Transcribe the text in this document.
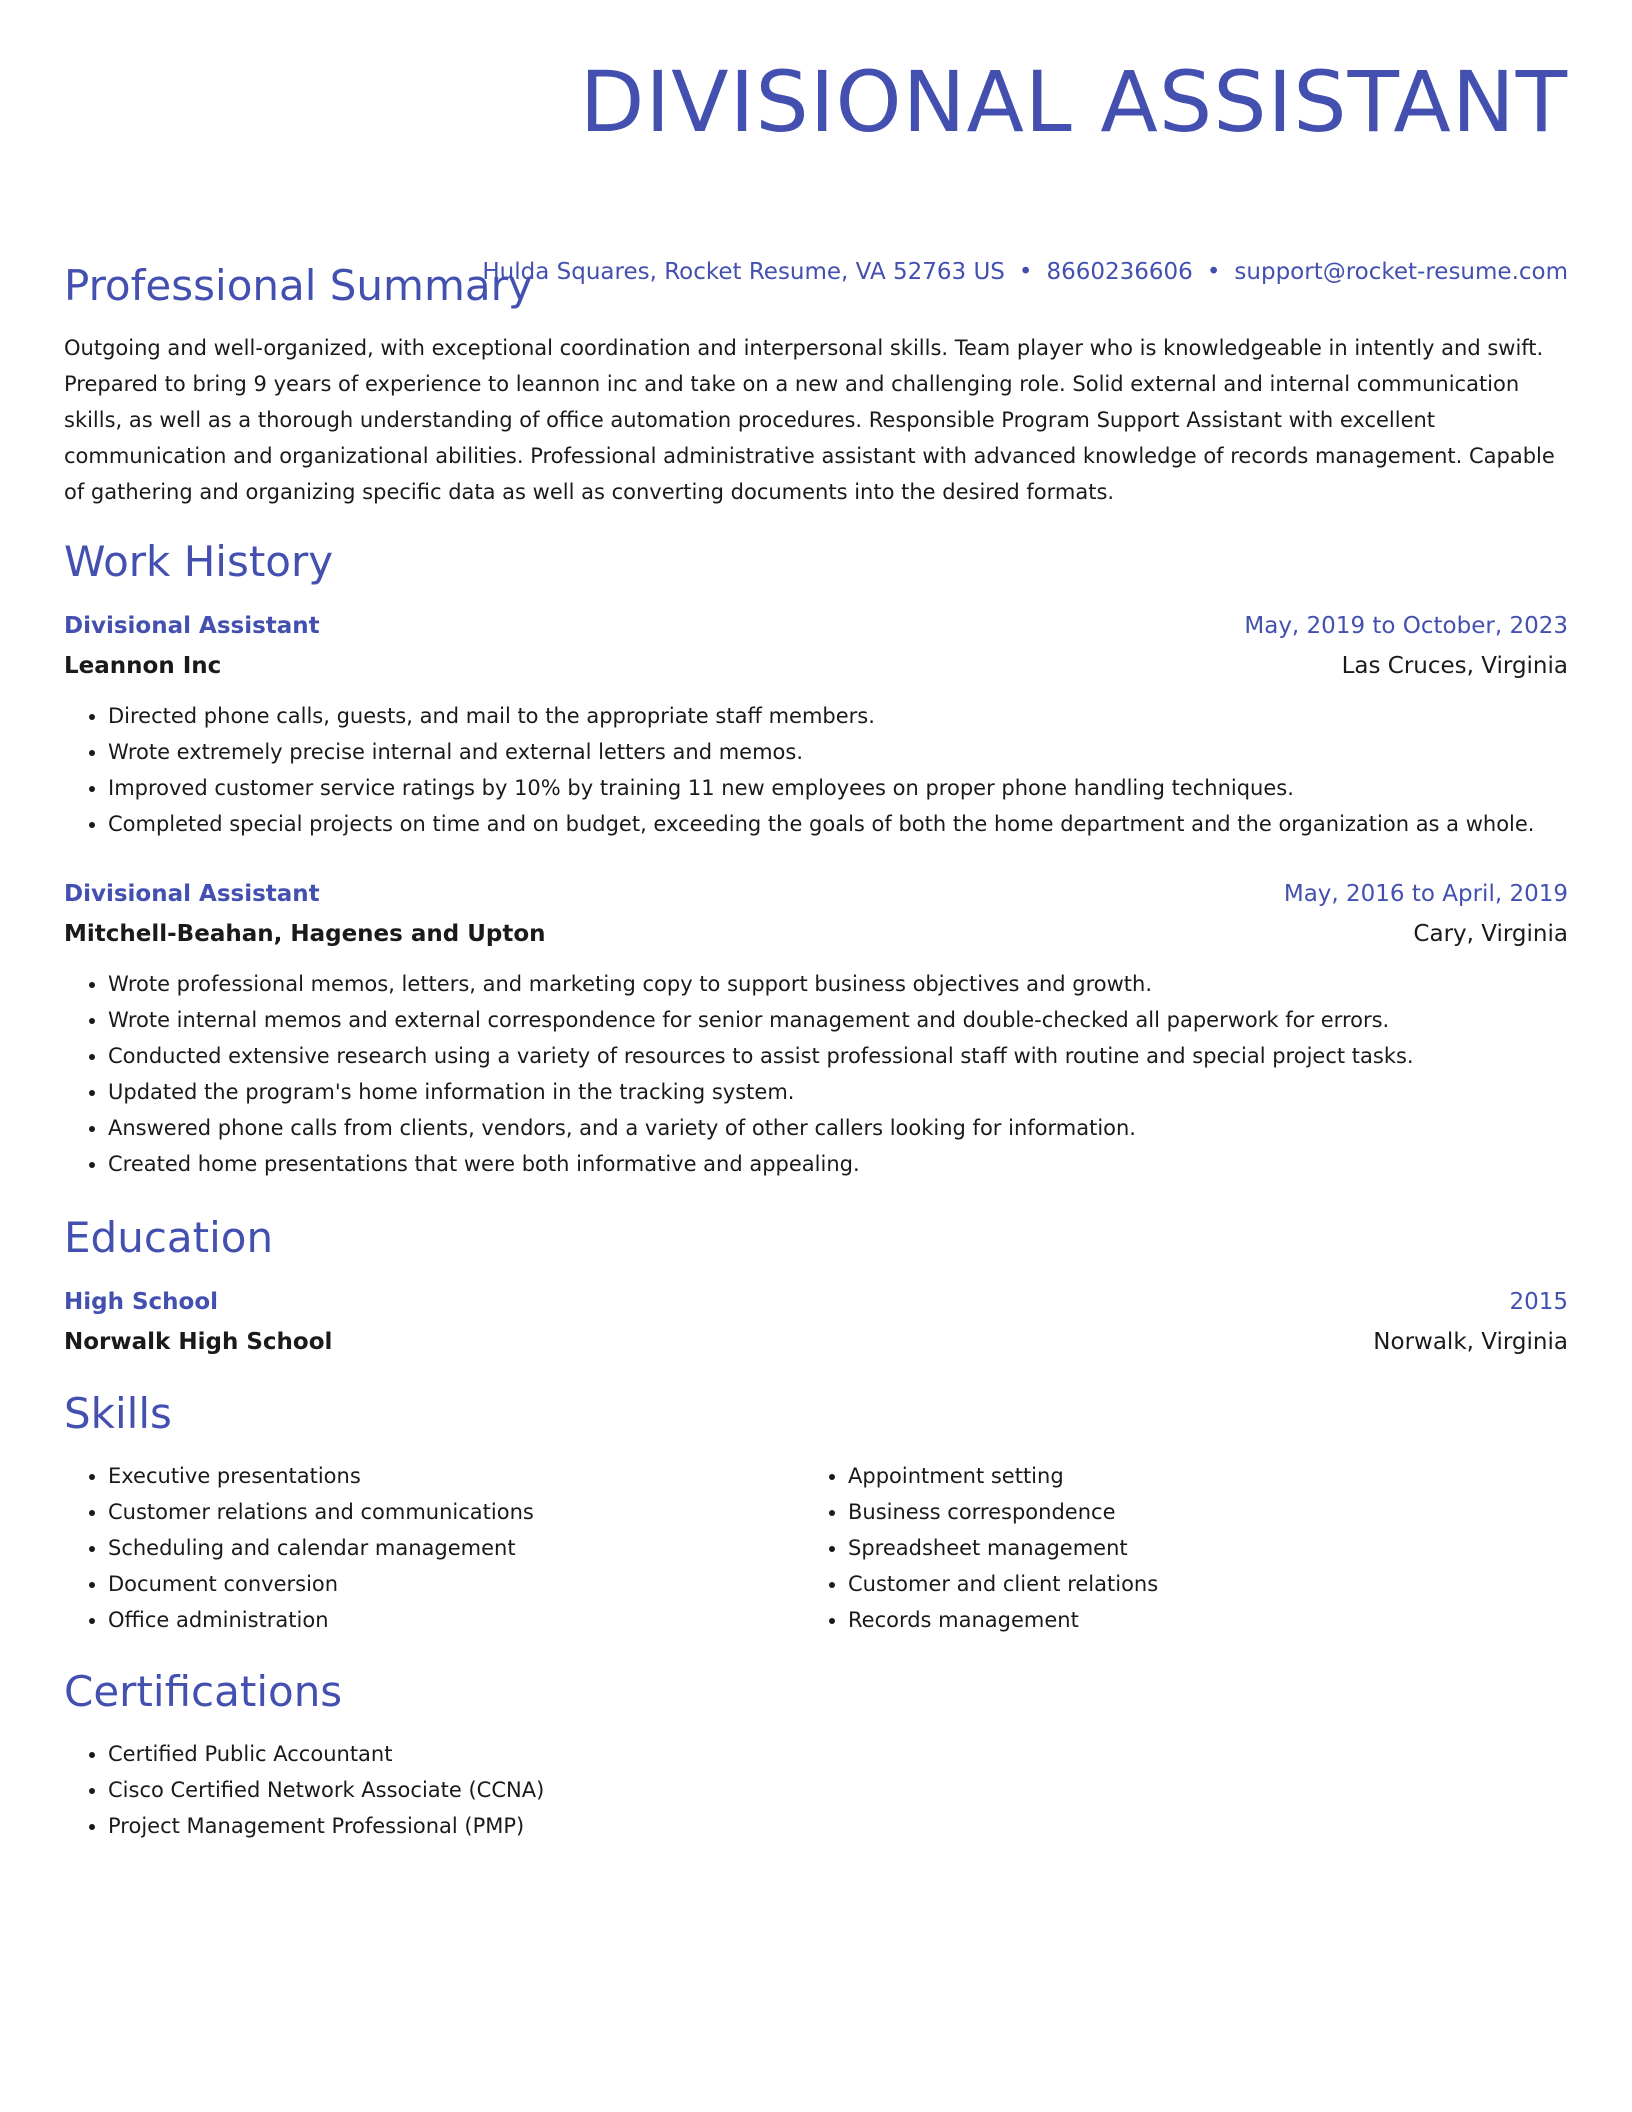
DIVISIONAL ASSISTANT
Hulda Squares, Rocket Resume, VA 52763 US • 8660236606 • support@rocket-resume.com
Professional Summary

Outgoing and well-organized, with exceptional coordination and interpersonal skills. Team player who is knowledgeable in intently and swift. Prepared to bring 9 years of experience to leannon inc and take on a new and challenging role. Solid external and internal communication skills, as well as a thorough understanding of office automation procedures. Responsible Program Support Assistant with excellent communication and organizational abilities. Professional administrative assistant with advanced knowledge of records management. Capable of gathering and organizing specific data as well as converting documents into the desired formats.

Work History
Divisional Assistant	May, 2019 to October, 2023
Leannon Inc	Las Cruces, Virginia
• Directed phone calls, guests, and mail to the appropriate staff members.
• Wrote extremely precise internal and external letters and memos.
• Improved customer service ratings by 10% by training 11 new employees on proper phone handling techniques.
• Completed special projects on time and on budget, exceeding the goals of both the home department and the organization as a whole.
Divisional Assistant	May, 2016 to April, 2019
Mitchell-Beahan, Hagenes and Upton	Cary, Virginia
• Wrote professional memos, letters, and marketing copy to support business objectives and growth.
• Wrote internal memos and external correspondence for senior management and double-checked all paperwork for errors.
• Conducted extensive research using a variety of resources to assist professional staff with routine and special project tasks.
• Updated the program's home information in the tracking system.
• Answered phone calls from clients, vendors, and a variety of other callers looking for information.
• Created home presentations that were both informative and appealing.
Education
High School	2015
Norwalk High School	Norwalk, Virginia
Skills
• Executive presentations
• Customer relations and communications
• Scheduling and calendar management
• Document conversion
• Office administration
• Appointment setting
• Business correspondence
• Spreadsheet management
• Customer and client relations
• Records management
Certifications
• Certified Public Accountant
• Cisco Certified Network Associate (CCNA)
• Project Management Professional (PMP)
